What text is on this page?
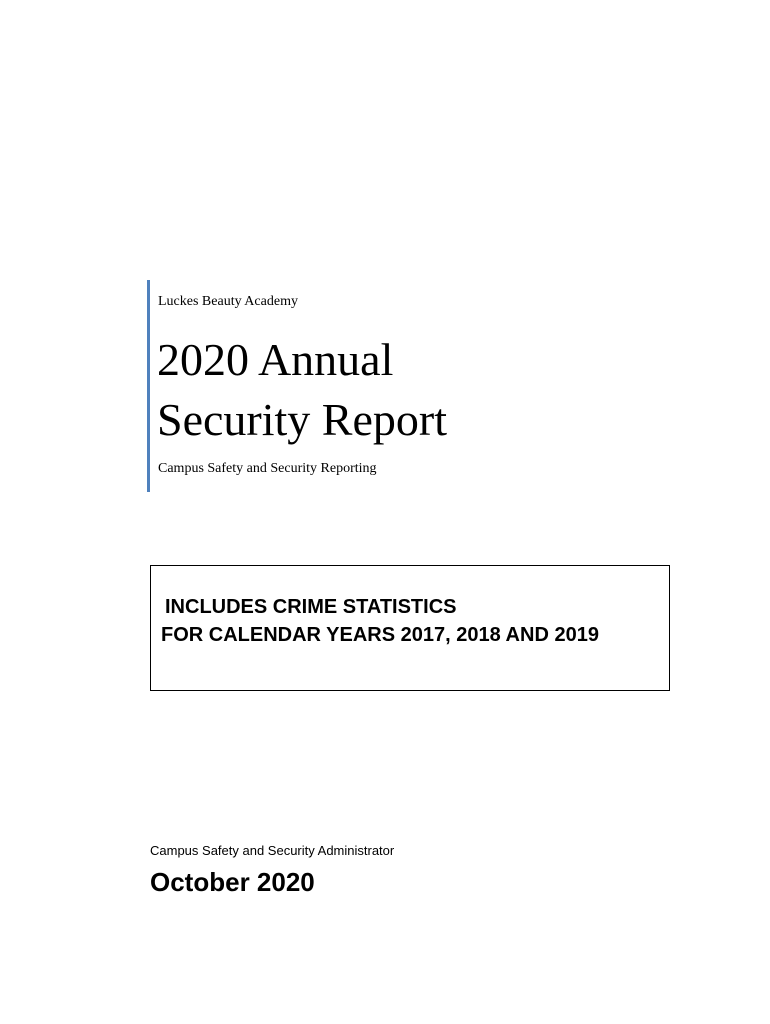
Luckes Beauty Academy
2020 Annual
Security Report
Campus Safety and Security Reporting
INCLUDES CRIME STATISTICS
FOR CALENDAR YEARS 2017, 2018 AND 2019
Campus Safety and Security Administrator
October 2020
